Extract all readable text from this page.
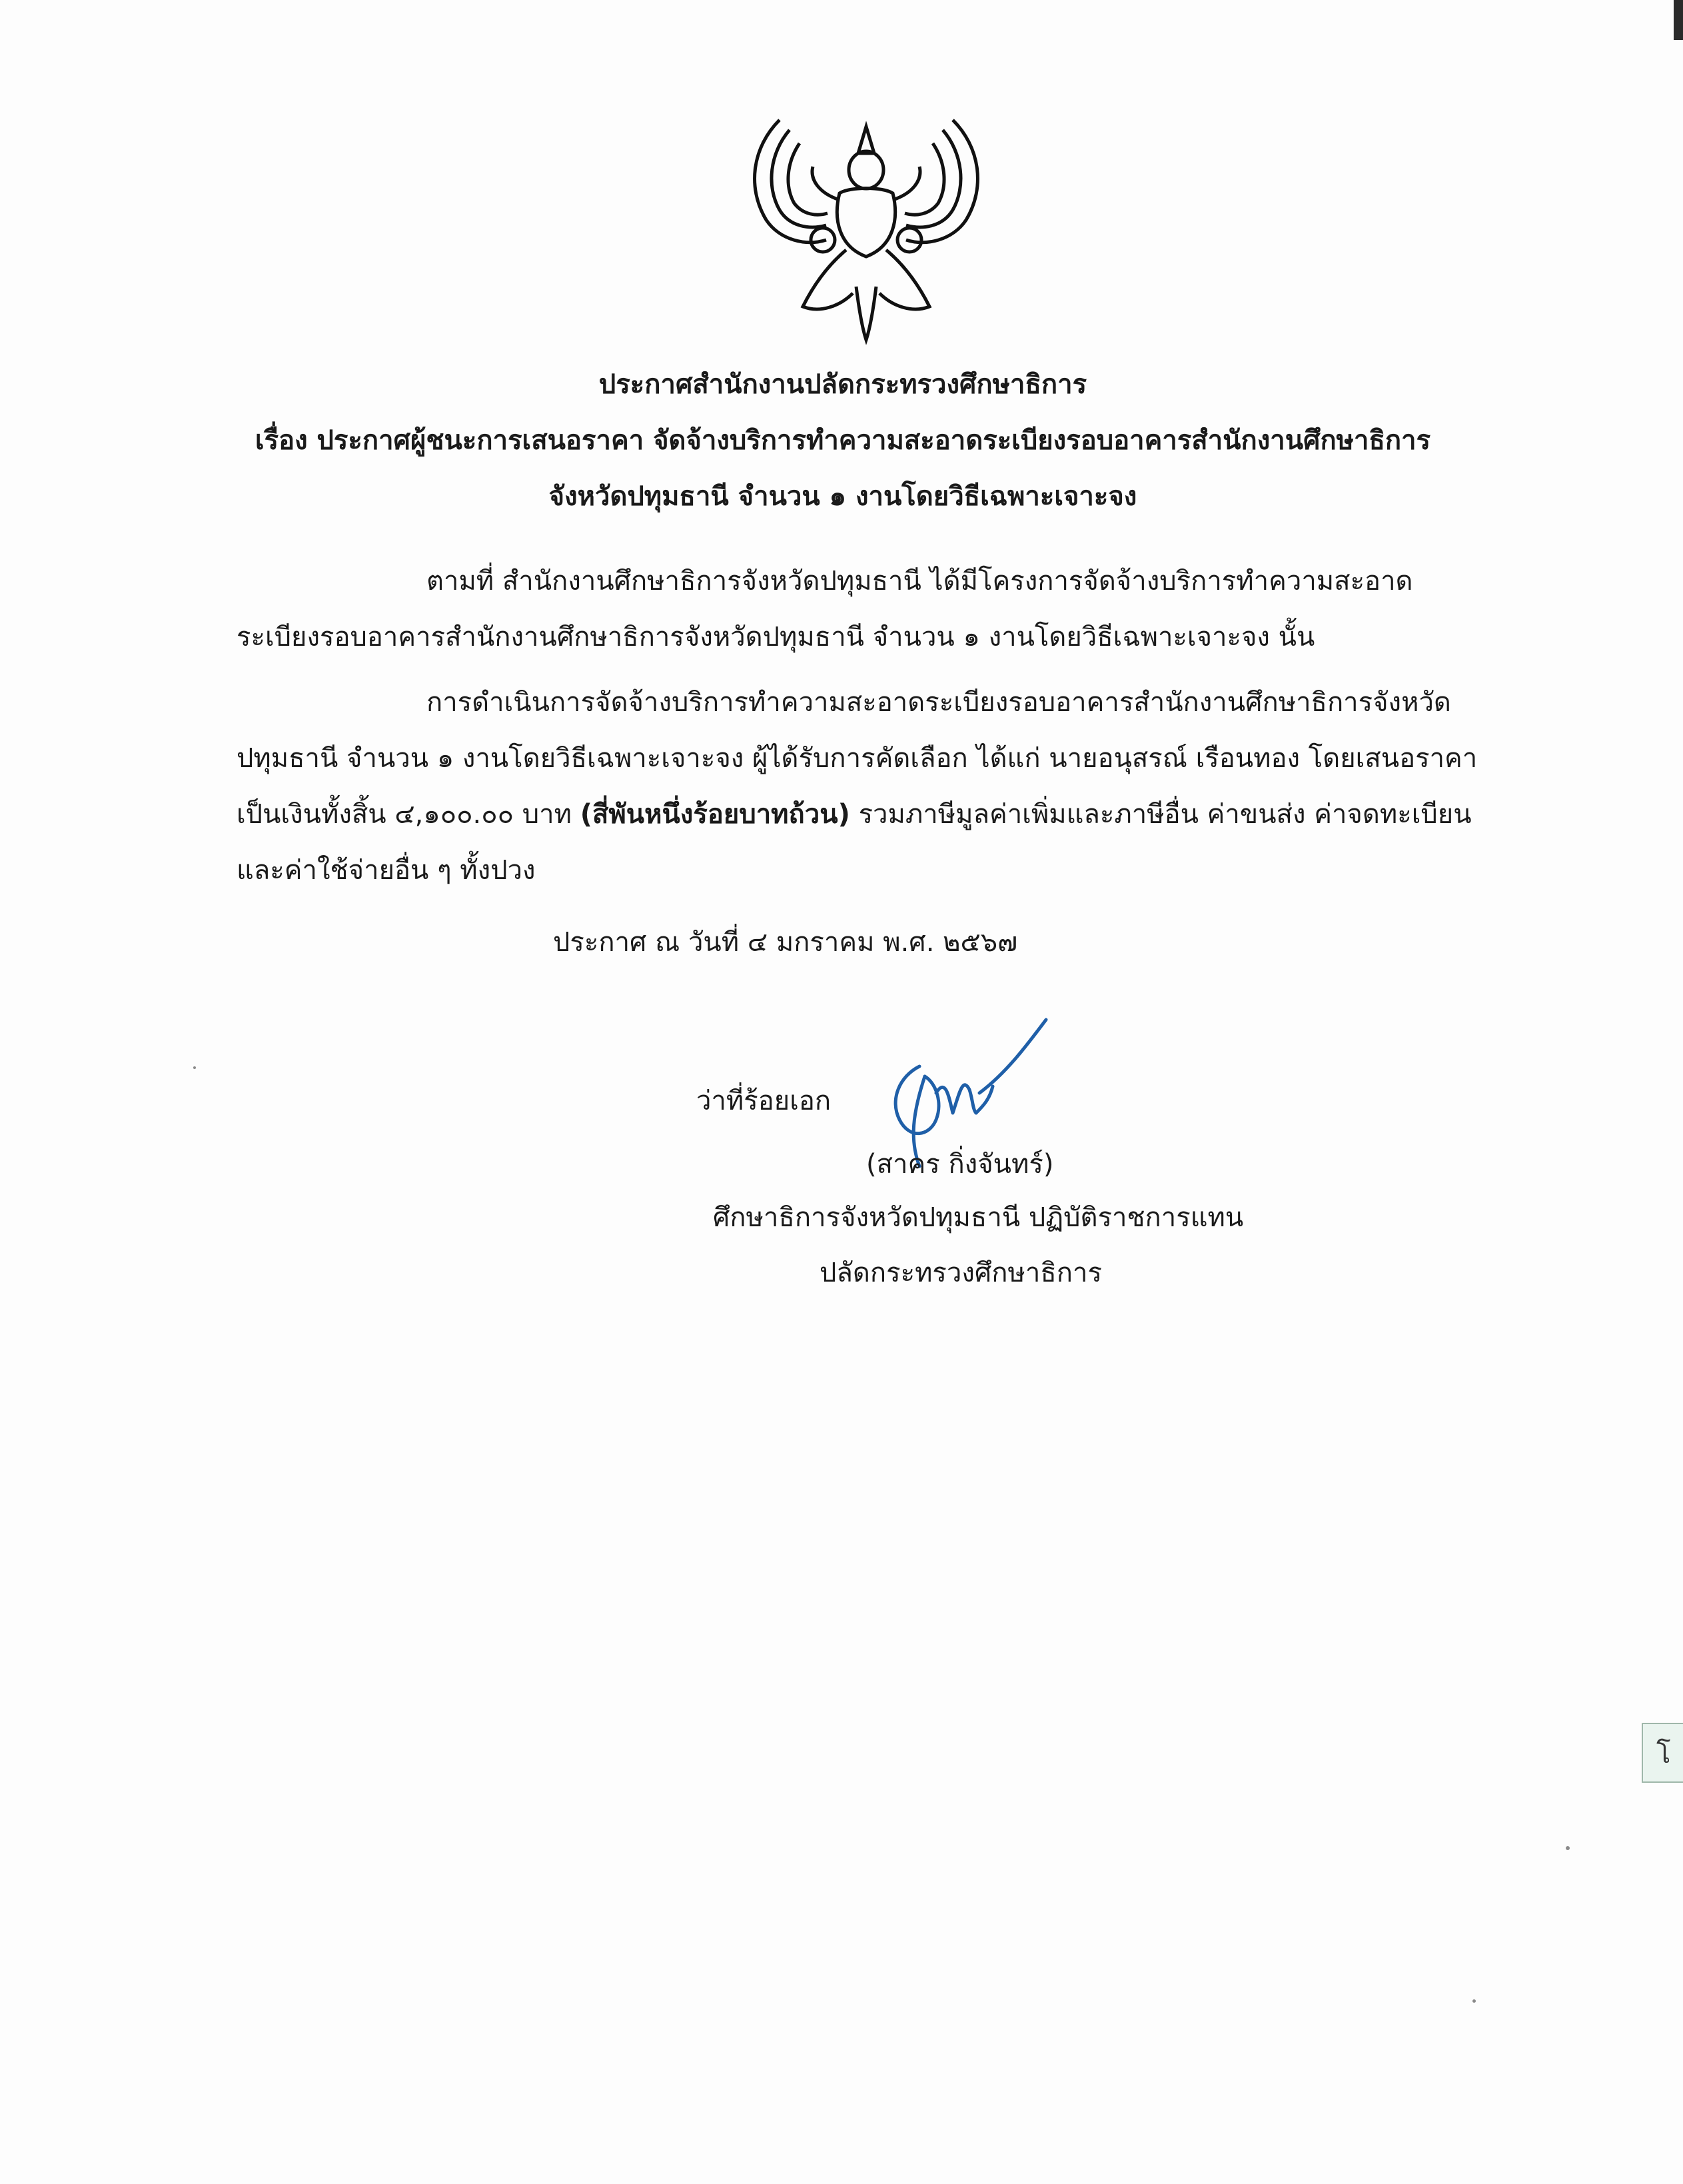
โ
ประกาศสำนักงานปลัดกระทรวงศึกษาธิการ
เรื่อง ประกาศผู้ชนะการเสนอราคา จัดจ้างบริการทำความสะอาดระเบียงรอบอาคารสำนักงานศึกษาธิการ
จังหวัดปทุมธานี จำนวน ๑ งานโดยวิธีเฉพาะเจาะจง
ตามที่ สำนักงานศึกษาธิการจังหวัดปทุมธานี ได้มีโครงการจัดจ้างบริการทำความสะอาด
ระเบียงรอบอาคารสำนักงานศึกษาธิการจังหวัดปทุมธานี จำนวน ๑ งานโดยวิธีเฉพาะเจาะจง นั้น
การดำเนินการจัดจ้างบริการทำความสะอาดระเบียงรอบอาคารสำนักงานศึกษาธิการจังหวัด
ปทุมธานี จำนวน ๑ งานโดยวิธีเฉพาะเจาะจง ผู้ได้รับการคัดเลือก ได้แก่ นายอนุสรณ์ เรือนทอง โดยเสนอราคา
เป็นเงินทั้งสิ้น ๔,๑๐๐.๐๐ บาท (สี่พันหนึ่งร้อยบาทถ้วน) รวมภาษีมูลค่าเพิ่มและภาษีอื่น ค่าขนส่ง ค่าจดทะเบียน
และค่าใช้จ่ายอื่น ๆ ทั้งปวง
ประกาศ ณ วันที่ ๔ มกราคม พ.ศ. ๒๕๖๗
ว่าที่ร้อยเอก
(สาคร กิ่งจันทร์)
ศึกษาธิการจังหวัดปทุมธานี ปฏิบัติราชการแทน
ปลัดกระทรวงศึกษาธิการ
